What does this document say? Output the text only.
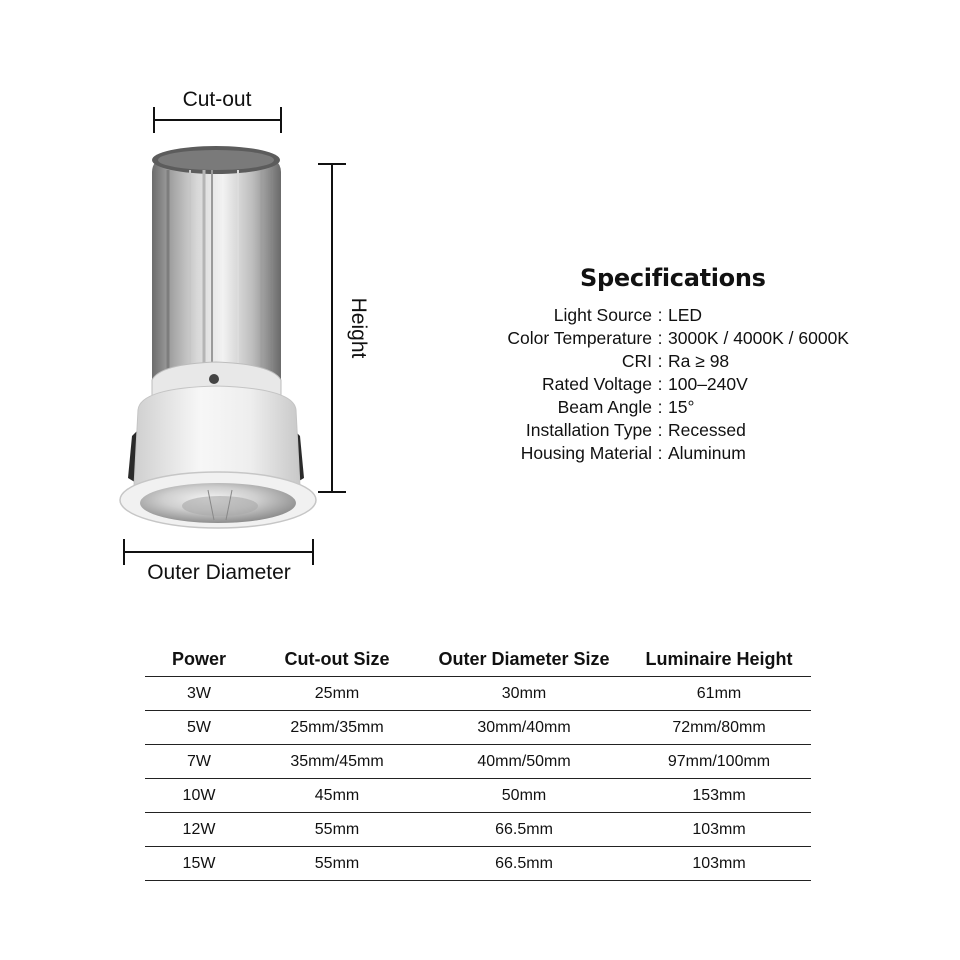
Cut-out
Height
Outer Diameter
Specifications
Light Source : LED
Color Temperature : 3000K / 4000K / 6000K
CRI : Ra ≥ 98
Rated Voltage : 100–240V
Beam Angle : 15°
Installation Type : Recessed
Housing Material : Aluminum
Power	Cut-out Size	Outer Diameter Size	Luminaire Height
3W	25mm	30mm	61mm
5W	25mm/35mm	30mm/40mm	72mm/80mm
7W	35mm/45mm	40mm/50mm	97mm/100mm
10W	45mm	50mm	153mm
12W	55mm	66.5mm	103mm
15W	55mm	66.5mm	103mm
